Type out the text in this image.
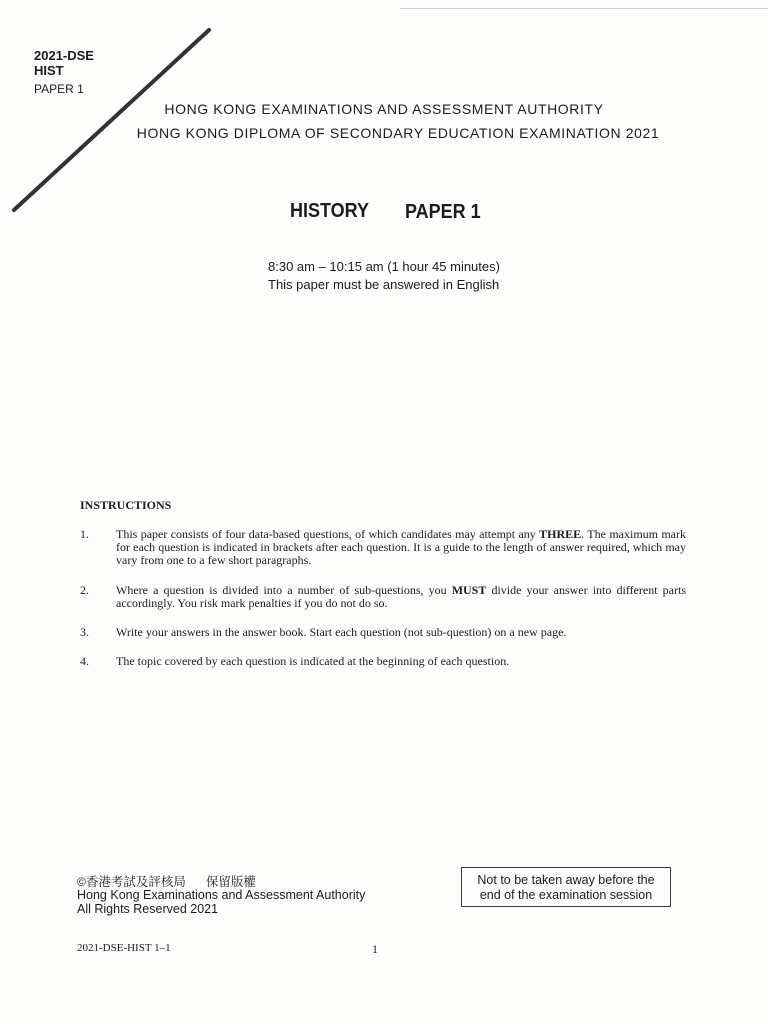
2021-DSE
HIST
PAPER 1
HONG KONG EXAMINATIONS AND ASSESSMENT AUTHORITY
HONG KONG DIPLOMA OF SECONDARY EDUCATION EXAMINATION 2021
HISTORY PAPER 1
8:30 am – 10:15 am (1 hour 45 minutes)
This paper must be answered in English
INSTRUCTIONS
1. This paper consists of four data-based questions, of which candidates may attempt any THREE. The maximum mark for each question is indicated in brackets after each question. It is a guide to the length of answer required, which may vary from one to a few short paragraphs.
2. Where a question is divided into a number of sub-questions, you MUST divide your answer into different parts accordingly. You risk mark penalties if you do not do so.
3. Write your answers in the answer book. Start each question (not sub-question) on a new page.
4. The topic covered by each question is indicated at the beginning of each question.
©香港考試及評核局 保留版權
Hong Kong Examinations and Assessment Authority
All Rights Reserved 2021
Not to be taken away before the
end of the examination session
2021-DSE-HIST 1–1	1
